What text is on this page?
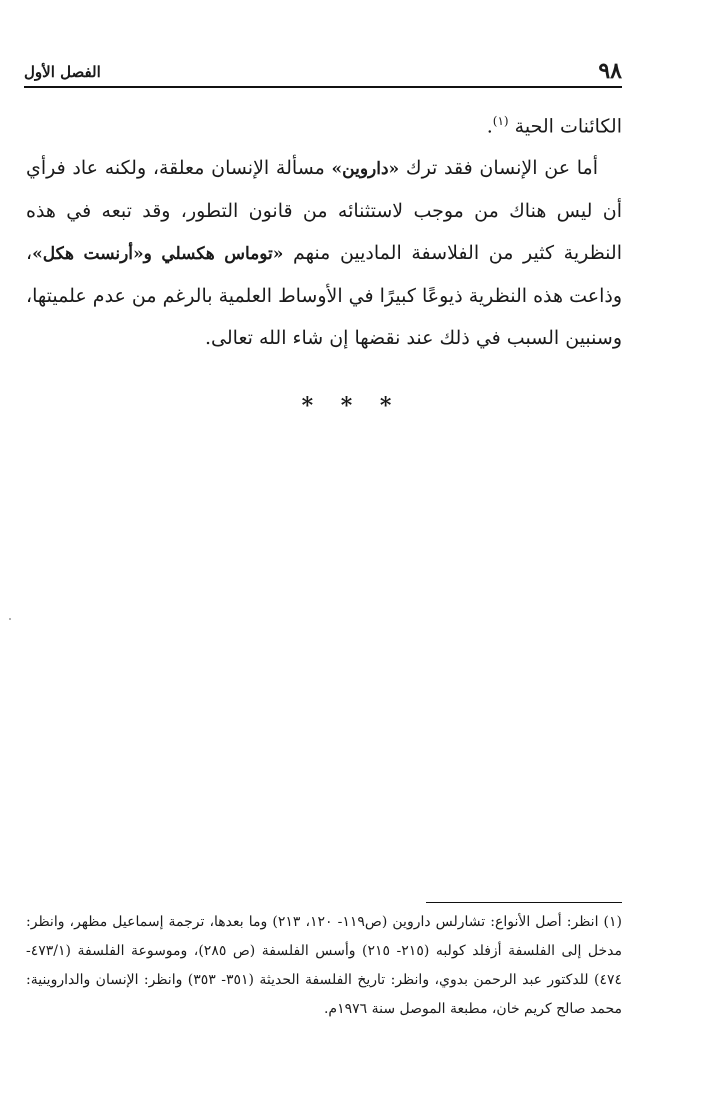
٩٨
الفصل الأول

الكائنات الحية $^{(١)}$.

أما عن الإنسان فقد ترك «داروين» مسألة الإنسان معلقة، ولكنه عاد فرأي أن ليس هناك من موجب لاستثنائه من قانون التطور، وقد تبعه في هذه النظرية كثير من الفلاسفة الماديين منهم «توماس هكسلي و«أرنست هكل»، وذاعت هذه النظرية ذيوعًا كبيرًا في الأوساط العلمية بالرغم من عدم علميتها، وسنبين السبب في ذلك عند نقضها إن شاء الله تعالى.

* * *

(١) انظر: أصل الأنواع: تشارلس داروين (ص١١٩- ١٢٠، ٢١٣) وما بعدها، ترجمة إسماعيل مظهر، وانظر: مدخل إلى الفلسفة أزفلد كولبه (٢١٥- ٢١٥) وأسس الفلسفة (ص ٢٨٥)، وموسوعة الفلسفة (٤٧٣/١- ٤٧٤) للدكتور عبد الرحمن بدوي، وانظر: تاريخ الفلسفة الحديثة (٣٥١- ٣٥٣) وانظر: الإنسان والداروينية: محمد صالح كريم خان، مطبعة الموصل سنة ١٩٧٦م.
